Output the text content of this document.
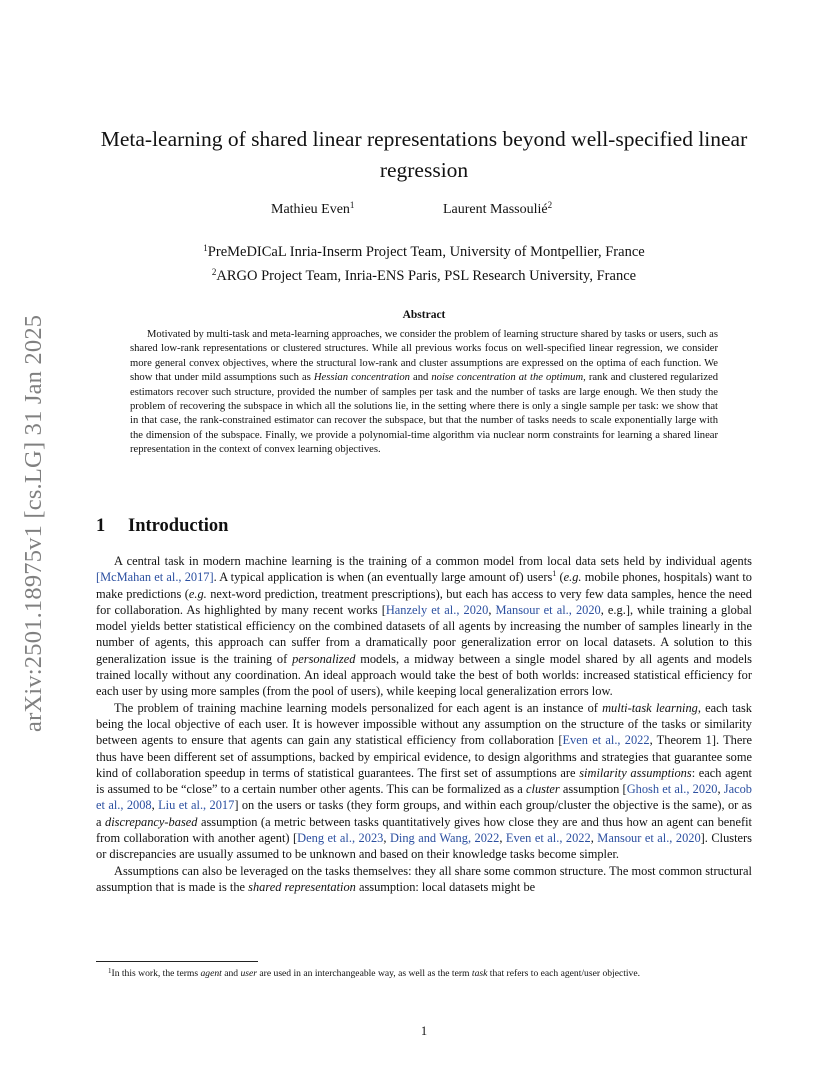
arXiv:2501.18975v1 [cs.LG] 31 Jan 2025
Meta-learning of shared linear representations beyond well-specified linear regression
Mathieu Even$^1$	Laurent Massoulié$^2$
$^1$PreMeDICaL Inria-Inserm Project Team, University of Montpellier, France
$^2$ARGO Project Team, Inria-ENS Paris, PSL Research University, France
Abstract

Motivated by multi-task and meta-learning approaches, we consider the problem of learning structure shared by tasks or users, such as shared low-rank representations or clustered structures. While all previous works focus on well-specified linear regression, we consider more general convex objectives, where the structural low-rank and cluster assumptions are expressed on the optima of each function. We show that under mild assumptions such as Hessian concentration and noise concentration at the optimum, rank and clustered regularized estimators recover such structure, provided the number of samples per task and the number of tasks are large enough. We then study the problem of recovering the subspace in which all the solutions lie, in the setting where there is only a single sample per task: we show that in that case, the rank-constrained estimator can recover the subspace, but that the number of tasks needs to scale exponentially large with the dimension of the subspace. Finally, we provide a polynomial-time algorithm via nuclear norm constraints for learning a shared linear representation in the context of convex learning objectives.

1 Introduction

A central task in modern machine learning is the training of a common model from local data sets held by individual agents [McMahan et al., 2017]. A typical application is when (an eventually large amount of) users$^1$ (e.g. mobile phones, hospitals) want to make predictions (e.g. next-word prediction, treatment prescriptions), but each has access to very few data samples, hence the need for collaboration. As highlighted by many recent works [Hanzely et al., 2020, Mansour et al., 2020, e.g.], while training a global model yields better statistical efficiency on the combined datasets of all agents by increasing the number of samples linearly in the number of agents, this approach can suffer from a dramatically poor generalization error on local datasets. A solution to this generalization issue is the training of personalized models, a midway between a single model shared by all agents and models trained locally without any coordination. An ideal approach would take the best of both worlds: increased statistical efficiency for each user by using more samples (from the pool of users), while keeping local generalization errors low.

The problem of training machine learning models personalized for each agent is an instance of multi-task learning, each task being the local objective of each user. It is however impossible without any assumption on the structure of the tasks or similarity between agents to ensure that agents can gain any statistical efficiency from collaboration [Even et al., 2022, Theorem 1]. There thus have been different set of assumptions, backed by empirical evidence, to design algorithms and strategies that guarantee some kind of collaboration speedup in terms of statistical guarantees. The first set of assumptions are similarity assumptions: each agent is assumed to be “close” to a certain number other agents. This can be formalized as a cluster assumption [Ghosh et al., 2020, Jacob et al., 2008, Liu et al., 2017] on the users or tasks (they form groups, and within each group/cluster the objective is the same), or as a discrepancy-based assumption (a metric between tasks quantitatively gives how close they are and thus how an agent can benefit from collaboration with another agent) [Deng et al., 2023, Ding and Wang, 2022, Even et al., 2022, Mansour et al., 2020]. Clusters or discrepancies are usually assumed to be unknown and based on their knowledge tasks become simpler.

Assumptions can also be leveraged on the tasks themselves: they all share some common structure. The most common structural assumption that is made is the shared representation assumption: local datasets might be

$^1$In this work, the terms agent and user are used in an interchangeable way, as well as the term task that refers to each agent/user objective.

1
